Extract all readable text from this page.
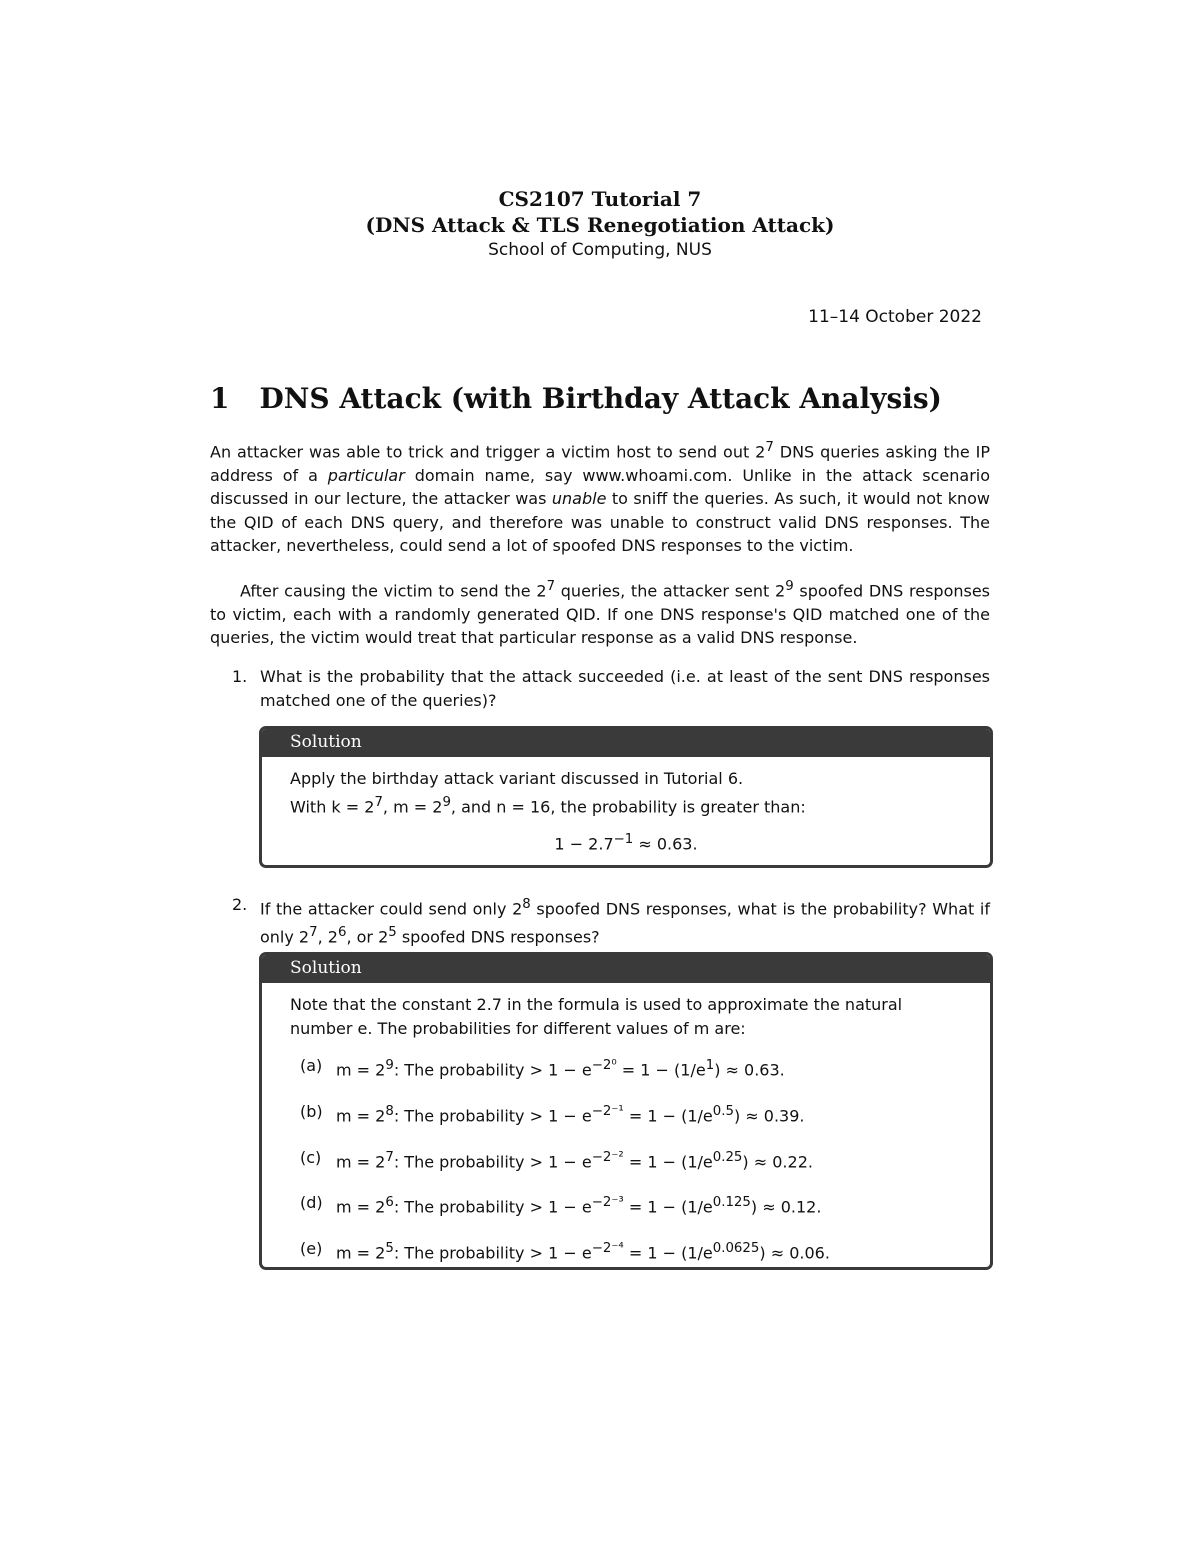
CS2107 Tutorial 7
(DNS Attack & TLS Renegotiation Attack)
School of Computing, NUS
11–14 October 2022
1 DNS Attack (with Birthday Attack Analysis)
An attacker was able to trick and trigger a victim host to send out $2^7$ DNS queries asking the IP address of a particular domain name, say www.whoami.com. Unlike in the attack scenario discussed in our lecture, the attacker was unable to sniff the queries. As such, it would not know the QID of each DNS query, and therefore was unable to construct valid DNS responses. The attacker, nevertheless, could send a lot of spoofed DNS responses to the victim.
After causing the victim to send the $2^7$ queries, the attacker sent $2^9$ spoofed DNS responses to victim, each with a randomly generated QID. If one DNS response's QID matched one of the queries, the victim would treat that particular response as a valid DNS response.
1. What is the probability that the attack succeeded (i.e. at least of the sent DNS responses matched one of the queries)?
Solution
Apply the birthday attack variant discussed in Tutorial 6.
With $k = 2^7$, $m = 2^9$, and n = 16, the probability is greater than:
$1 - 2.7^{-1} \approx 0.63$.
2. If the attacker could send only $2^8$ spoofed DNS responses, what is the probability? What if only $2^7$, $2^6$, or $2^5$ spoofed DNS responses?
Solution
Note that the constant 2.7 in the formula is used to approximate the natural number e. The probabilities for different values of m are:
(a) $m = 2^9$: The probability > $1 - e^{-2^0} = 1 - (1/e^1) \approx 0.63$.
(b) $m = 2^8$: The probability > $1 - e^{-2^{-1}} = 1 - (1/e^{0.5}) \approx 0.39$.
(c) $m = 2^7$: The probability > $1 - e^{-2^{-2}} = 1 - (1/e^{0.25}) \approx 0.22$.
(d) $m = 2^6$: The probability > $1 - e^{-2^{-3}} = 1 - (1/e^{0.125}) \approx 0.12$.
(e) $m = 2^5$: The probability > $1 - e^{-2^{-4}} = 1 - (1/e^{0.0625}) \approx 0.06$.
